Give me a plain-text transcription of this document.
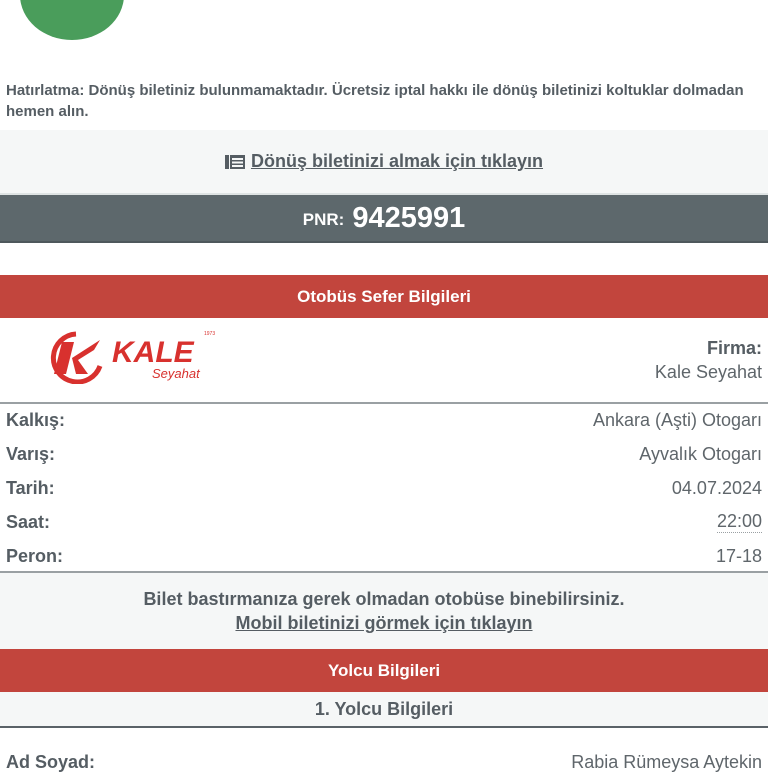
Hatırlatma: Dönüş biletiniz bulunmamaktadır. Ücretsiz iptal hakkı ile dönüş biletinizi koltuklar dolmadan hemen alın.
Dönüş biletinizi almak için tıklayın
PNR: 9425991
Otobüs Sefer Bilgileri
KALE
Seyahat
1973
Firma:
Kale Seyahat
Kalkış:	Ankara (Aşti) Otogarı
Varış:	Ayvalık Otogarı
Tarih:	04.07.2024
Saat:	22:00
Peron:	17-18
Bilet bastırmanıza gerek olmadan otobüse binebilirsiniz.
Mobil biletinizi görmek için tıklayın
Yolcu Bilgileri
1. Yolcu Bilgileri
Ad Soyad:	Rabia Rümeysa Aytekin
